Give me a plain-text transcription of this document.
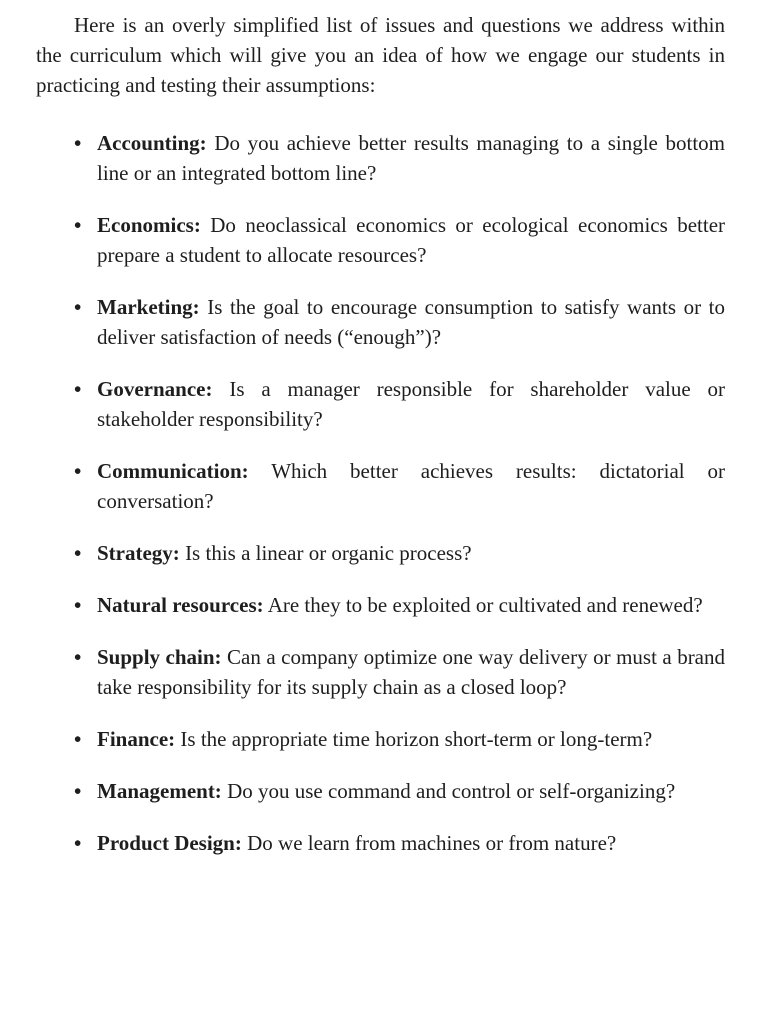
Here is an overly simplified list of issues and questions we address within the curriculum which will give you an idea of how we engage our students in practicing and testing their assumptions:

• Accounting: Do you achieve better results managing to a single bottom line or an integrated bottom line?
• Economics: Do neoclassical economics or ecological economics better prepare a student to allocate resources?
• Marketing: Is the goal to encourage consumption to satisfy wants or to deliver satisfaction of needs (“enough”)?
• Governance: Is a manager responsible for shareholder value or stakeholder responsibility?
• Communication: Which better achieves results: dictatorial or conversation?
• Strategy: Is this a linear or organic process?
• Natural resources: Are they to be exploited or cultivated and renewed?
• Supply chain: Can a company optimize one way delivery or must a brand take responsibility for its supply chain as a closed loop?
• Finance: Is the appropriate time horizon short-term or long-term?
• Management: Do you use command and control or self-organizing?
• Product Design: Do we learn from machines or from nature?
